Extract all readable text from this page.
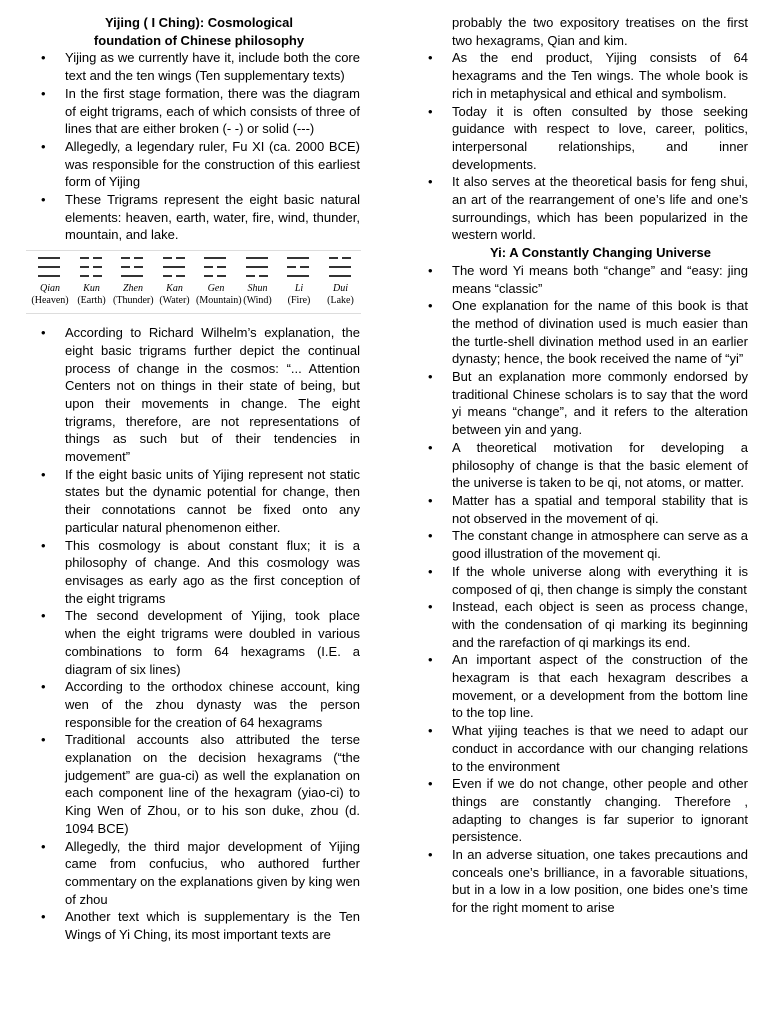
Yijing ( I Ching): Cosmological
foundation of Chinese philosophy
• Yijing as we currently have it, include both the core text and the ten wings (Ten supplementary texts)
• In the first stage formation, there was the diagram of eight trigrams, each of which consists of three of lines that are either broken (- -) or solid (---)
• Allegedly, a legendary ruler, Fu XI (ca. 2000 BCE) was responsible for the construction of this earliest form of Yijing
• These Trigrams represent the eight basic natural elements: heaven, earth, water, fire, wind, thunder, mountain, and lake.
Qian
(Heaven)
Kun
(Earth)
Zhen
(Thunder)
Kan
(Water)
Gen
(Mountain)
Shun
(Wind)
Li
(Fire)
Dui
(Lake)
• According to Richard Wilhelm’s explanation, the eight basic trigrams further depict the continual process of change in the cosmos: “... Attention Centers not on things in their state of being, but upon their movements in change. The eight trigrams, therefore, are not representations of things as such but of their tendencies in movement”
• If the eight basic units of Yijing represent not static states but the dynamic potential for change, then their connotations cannot be fixed onto any particular natural phenomenon either.
• This cosmology is about constant flux; it is a philosophy of change. And this cosmology was envisages as early ago as the first conception of the eight trigrams
• The second development of Yijing, took place when the eight trigrams were doubled in various combinations to form 64 hexagrams (I.E. a diagram of six lines)
• According to the orthodox chinese account, king wen of the zhou dynasty was the person responsible for the creation of 64 hexagrams
• Traditional accounts also attributed the terse explanation on the decision hexagrams (“the judgement” are gua-ci) as well the explanation on each component line of the hexagram (yiao-ci) to King Wen of Zhou, or to his son duke, zhou (d. 1094 BCE)
• Allegedly, the third major development of Yijing came from confucius, who authored further commentary on the explanations given by king wen of zhou
• Another text which is supplementary is the Ten Wings of Yi Ching, its most important texts are
probably the two expository treatises on the first two hexagrams, Qian and kim.
• As the end product, Yijing consists of 64 hexagrams and the Ten wings. The whole book is rich in metaphysical and ethical and symbolism.
• Today it is often consulted by those seeking guidance with respect to love, career, politics, interpersonal relationships, and inner developments.
• It also serves at the theoretical basis for feng shui, an art of the rearrangement of one’s life and one’s surroundings, which has been popularized in the western world.
Yi: A Constantly Changing Universe
• The word Yi means both “change” and “easy: jing means “classic”
• One explanation for the name of this book is that the method of divination used is much easier than the turtle-shell divination method used in an earlier dynasty; hence, the book received the name of “yi”
• But an explanation more commonly endorsed by traditional Chinese scholars is to say that the word yi means “change”, and it refers to the alteration between yin and yang.
• A theoretical motivation for developing a philosophy of change is that the basic element of the universe is taken to be qi, not atoms, or matter.
• Matter has a spatial and temporal stability that is not observed in the movement of qi.
• The constant change in atmosphere can serve as a good illustration of the movement qi.
• If the whole universe along with everything it is composed of qi, then change is simply the constant
• Instead, each object is seen as process change, with the condensation of qi marking its beginning and the rarefaction of qi markings its end.
• An important aspect of the construction of the hexagram is that each hexagram describes a movement, or a development from the bottom line to the top line.
• What yijing teaches is that we need to adapt our conduct in accordance with our changing relations to the environment
• Even if we do not change, other people and other things are constantly changing. Therefore , adapting to changes is far superior to ignorant persistence.
• In an adverse situation, one takes precautions and conceals one’s brilliance, in a favorable situations, but in a low in a low position, one bides one’s time for the right moment to arise
